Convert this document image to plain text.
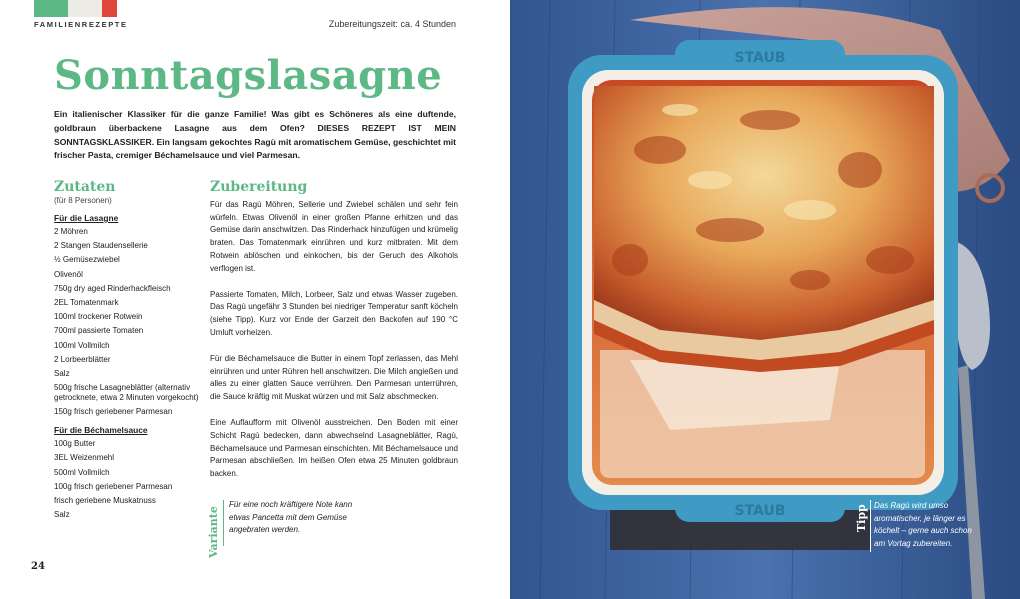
FAMILIENREZEPTE	Zubereitungszeit: ca. 4 Stunden
Sonntagslasagne
Ein italienischer Klassiker für die ganze Familie! Was gibt es Schöneres als eine duftende, goldbraun überbackene Lasagne aus dem Ofen? DIESES REZEPT IST MEIN SONNTAGSKLASSIKER. Ein langsam gekochtes Ragù mit aromatischem Gemüse, geschichtet mit frischer Pasta, cremiger Béchamelsauce und viel Parmesan.
Zutaten
(für 8 Personen)
Für die Lasagne
2 Möhren
2 Stangen Staudensellerie
½ Gemüsezwiebel
Olivenöl
750g dry aged Rinderhackfleisch
2EL Tomatenmark
100ml trockener Rotwein
700ml passierte Tomaten
100ml Vollmilch
2 Lorbeerblätter
Salz
500g frische Lasagneblätter (alternativ getrocknete, etwa 2 Minuten vorgekocht)
150g frisch geriebener Parmesan
Für die Béchamelsauce
100g Butter
3EL Weizenmehl
500ml Vollmilch
100g frisch geriebener Parmesan
frisch geriebene Muskatnuss
Salz
Zubereitung

Für das Ragù Möhren, Sellerie und Zwiebel schälen und sehr fein würfeln. Etwas Olivenöl in einer großen Pfanne erhitzen und das Gemüse darin anschwitzen. Das Rinderhack hinzufügen und krümelig braten. Das Tomatenmark einrühren und kurz mitbraten. Mit dem Rotwein ablöschen und einkochen, bis der Geruch des Alkohols verflogen ist.

Passierte Tomaten, Milch, Lorbeer, Salz und etwas Wasser zugeben. Das Ragù ungefähr 3 Stunden bei niedriger Temperatur sanft köcheln (siehe Tipp). Kurz vor Ende der Garzeit den Backofen auf 190 °C Umluft vorheizen.

Für die Béchamelsauce die Butter in einem Topf zerlassen, das Mehl einrühren und unter Rühren hell anschwitzen. Die Milch angießen und alles zu einer glatten Sauce verrühren. Den Parmesan unterrühren, die Sauce kräftig mit Muskat würzen und mit Salz abschmecken.

Eine Auflaufform mit Olivenöl ausstreichen. Den Boden mit einer Schicht Ragù bedecken, dann abwechselnd Lasagneblätter, Ragù, Béchamelsauce und Parmesan einschichten. Mit Béchamelsauce und Parmesan abschließen. Im heißen Ofen etwa 25 Minuten goldbraun backen.

Variante
Für eine noch kräftigere Note kann etwas Pancetta mit dem Gemüse angebraten werden.
24
STAUB
STAUB	Tipp Das Ragù wird umso aromatischer, je länger es köchelt – gerne auch schon am Vortag zubereiten.
